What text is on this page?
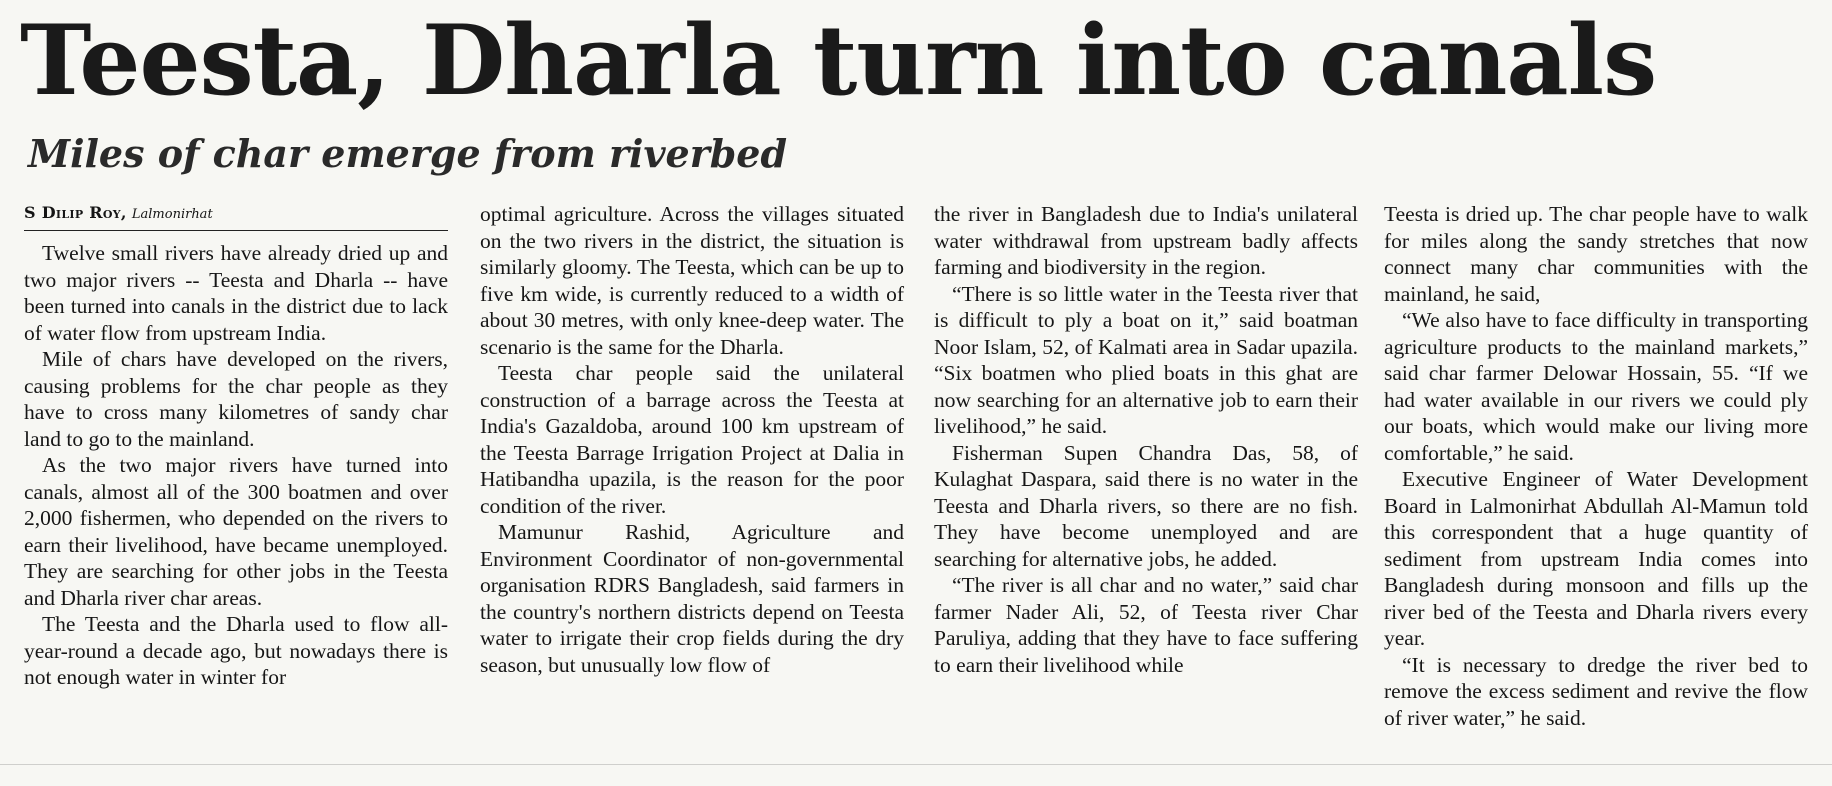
Teesta, Dharla turn into canals
Miles of char emerge from riverbed
S Dilip Roy, Lalmonirhat

Twelve small rivers have already dried up and two major rivers -- Teesta and Dharla -- have been turned into canals in the district due to lack of water flow from upstream India.

Mile of chars have developed on the rivers, causing problems for the char people as they have to cross many kilometres of sandy char land to go to the mainland.

As the two major rivers have turned into canals, almost all of the 300 boatmen and over 2,000 fishermen, who depended on the rivers to earn their livelihood, have became unemployed. They are searching for other jobs in the Teesta and Dharla river char areas.

The Teesta and the Dharla used to flow all-year-round a decade ago, but nowadays there is not enough water in winter for

optimal agriculture. Across the villages situated on the two rivers in the district, the situation is similarly gloomy. The Teesta, which can be up to five km wide, is currently reduced to a width of about 30 metres, with only knee-deep water. The scenario is the same for the Dharla.

Teesta char people said the unilateral construction of a barrage across the Teesta at India's Gazaldoba, around 100 km upstream of the Teesta Barrage Irrigation Project at Dalia in Hatibandha upazila, is the reason for the poor condition of the river.

Mamunur Rashid, Agriculture and Environment Coordinator of non-governmental organisation RDRS Bangladesh, said farmers in the country's northern districts depend on Teesta water to irrigate their crop fields during the dry season, but unusually low flow of

the river in Bangladesh due to India's unilateral water withdrawal from upstream badly affects farming and biodiversity in the region.

“There is so little water in the Teesta river that is difficult to ply a boat on it,” said boatman Noor Islam, 52, of Kalmati area in Sadar upazila. “Six boatmen who plied boats in this ghat are now searching for an alternative job to earn their livelihood,” he said.

Fisherman Supen Chandra Das, 58, of Kulaghat Daspara, said there is no water in the Teesta and Dharla rivers, so there are no fish. They have become unemployed and are searching for alternative jobs, he added.

“The river is all char and no water,” said char farmer Nader Ali, 52, of Teesta river Char Paruliya, adding that they have to face suffering to earn their livelihood while

Teesta is dried up. The char people have to walk for miles along the sandy stretches that now connect many char communities with the mainland, he said,

“We also have to face difficulty in transporting agriculture products to the mainland markets,” said char farmer Delowar Hossain, 55. “If we had water available in our rivers we could ply our boats, which would make our living more comfortable,” he said.

Executive Engineer of Water Development Board in Lalmonirhat Abdullah Al-Mamun told this correspondent that a huge quantity of sediment from upstream India comes into Bangladesh during monsoon and fills up the river bed of the Teesta and Dharla rivers every year.

“It is necessary to dredge the river bed to remove the excess sediment and revive the flow of river water,” he said.
